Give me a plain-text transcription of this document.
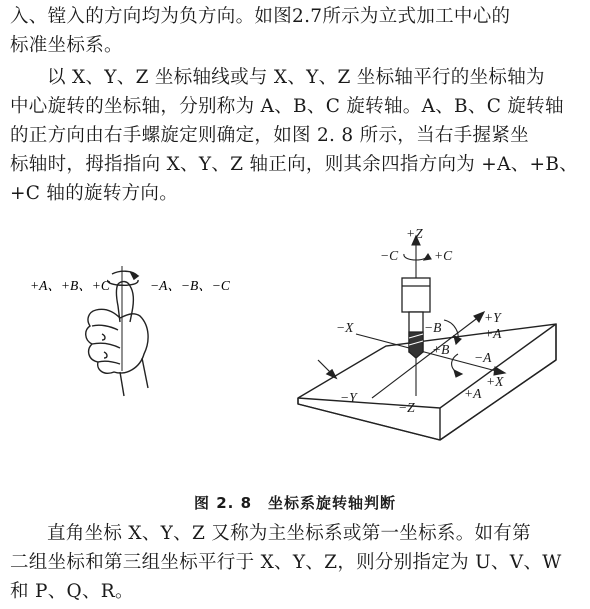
入、镗入的方向均为负方向。如图2.7所示为立式加工中心的
标准坐标系。
以 X、Y、Z 坐标轴线或与 X、Y、Z 坐标轴平行的坐标轴为
中心旋转的坐标轴，分别称为 A、B、C 旋转轴。A、B、C 旋转轴
的正方向由右手螺旋定则确定，如图 2. 8 所示，当右手握紧坐
标轴时，拇指指向 X、Y、Z 轴正向，则其余四指方向为 +A、+B、
+C 轴的旋转方向。
+A、+B、+C	−A、−B、−C
+Z
−C	+C
−X	−B
+Y
+A
+B
−A
+X
+A
−Y
−Z
图 2. 8　坐标系旋转轴判断
直角坐标 X、Y、Z 又称为主坐标系或第一坐标系。如有第
二组坐标和第三组坐标平行于 X、Y、Z，则分别指定为 U、V、W
和 P、Q、R。
